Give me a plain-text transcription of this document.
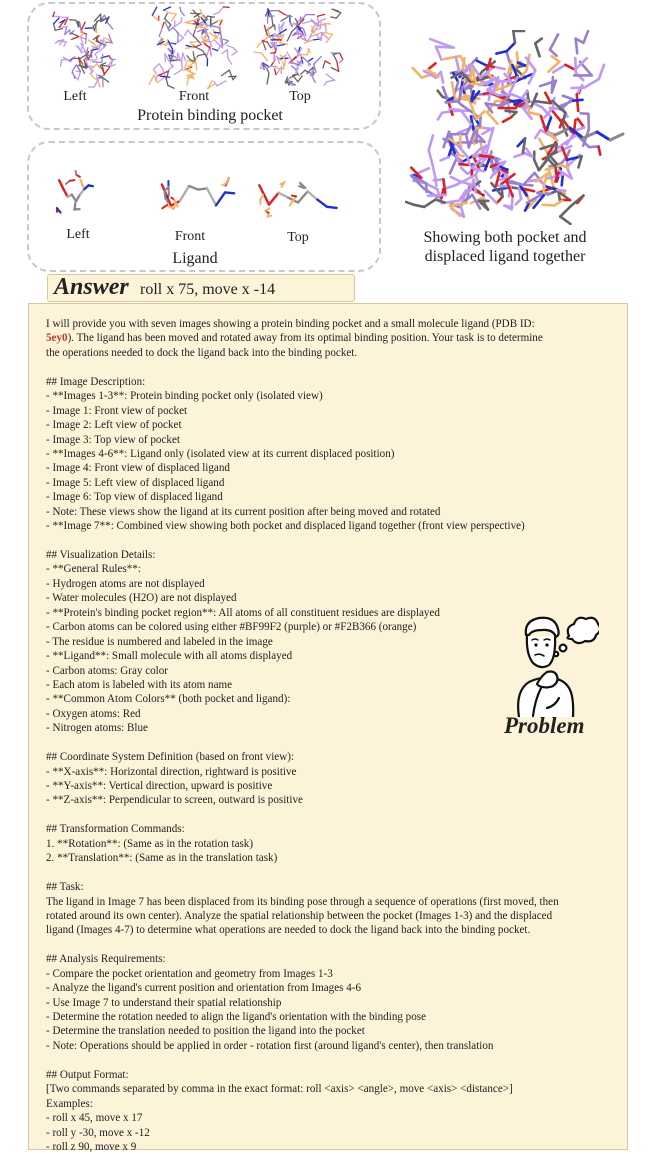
Left	Front	Top
Protein binding pocket
Left	Front	Top
Ligand
Showing both pocket and
displaced ligand together
Answer roll x 75, move x -14
I will provide you with seven images showing a protein binding pocket and a small molecule ligand (PDB ID:
5ey0). The ligand has been moved and rotated away from its optimal binding position. Your task is to determine
the operations needed to dock the ligand back into the binding pocket.
## Image Description:
- **Images 1-3**: Protein binding pocket only (isolated view)
- Image 1: Front view of pocket
- Image 2: Left view of pocket
- Image 3: Top view of pocket
- **Images 4-6**: Ligand only (isolated view at its current displaced position)
- Image 4: Front view of displaced ligand
- Image 5: Left view of displaced ligand
- Image 6: Top view of displaced ligand
- Note: These views show the ligand at its current position after being moved and rotated
- **Image 7**: Combined view showing both pocket and displaced ligand together (front view perspective)
## Visualization Details:
- **General Rules**:
- Hydrogen atoms are not displayed
- Water molecules (H2O) are not displayed
- **Protein's binding pocket region**: All atoms of all constituent residues are displayed
- Carbon atoms can be colored using either #BF99F2 (purple) or #F2B366 (orange)
- The residue is numbered and labeled in the image
- **Ligand**: Small molecule with all atoms displayed
- Carbon atoms: Gray color
- Each atom is labeled with its atom name
- **Common Atom Colors** (both pocket and ligand):
- Oxygen atoms: Red
- Nitrogen atoms: Blue
## Coordinate System Definition (based on front view):
- **X-axis**: Horizontal direction, rightward is positive
- **Y-axis**: Vertical direction, upward is positive
- **Z-axis**: Perpendicular to screen, outward is positive
## Transformation Commands:
1. **Rotation**: (Same as in the rotation task)
2. **Translation**: (Same as in the translation task)
## Task:
The ligand in Image 7 has been displaced from its binding pose through a sequence of operations (first moved, then
rotated around its own center). Analyze the spatial relationship between the pocket (Images 1-3) and the displaced
ligand (Images 4-7) to determine what operations are needed to dock the ligand back into the binding pocket.
## Analysis Requirements:
- Compare the pocket orientation and geometry from Images 1-3
- Analyze the ligand's current position and orientation from Images 4-6
- Use Image 7 to understand their spatial relationship
- Determine the rotation needed to align the ligand's orientation with the binding pose
- Determine the translation needed to position the ligand into the pocket
- Note: Operations should be applied in order - rotation first (around ligand's center), then translation
## Output Format:
[Two commands separated by comma in the exact format: roll <axis> <angle>, move <axis> <distance>]
Examples:
- roll x 45, move x 17
- roll y -30, move x -12
- roll z 90, move x 9
Problem
